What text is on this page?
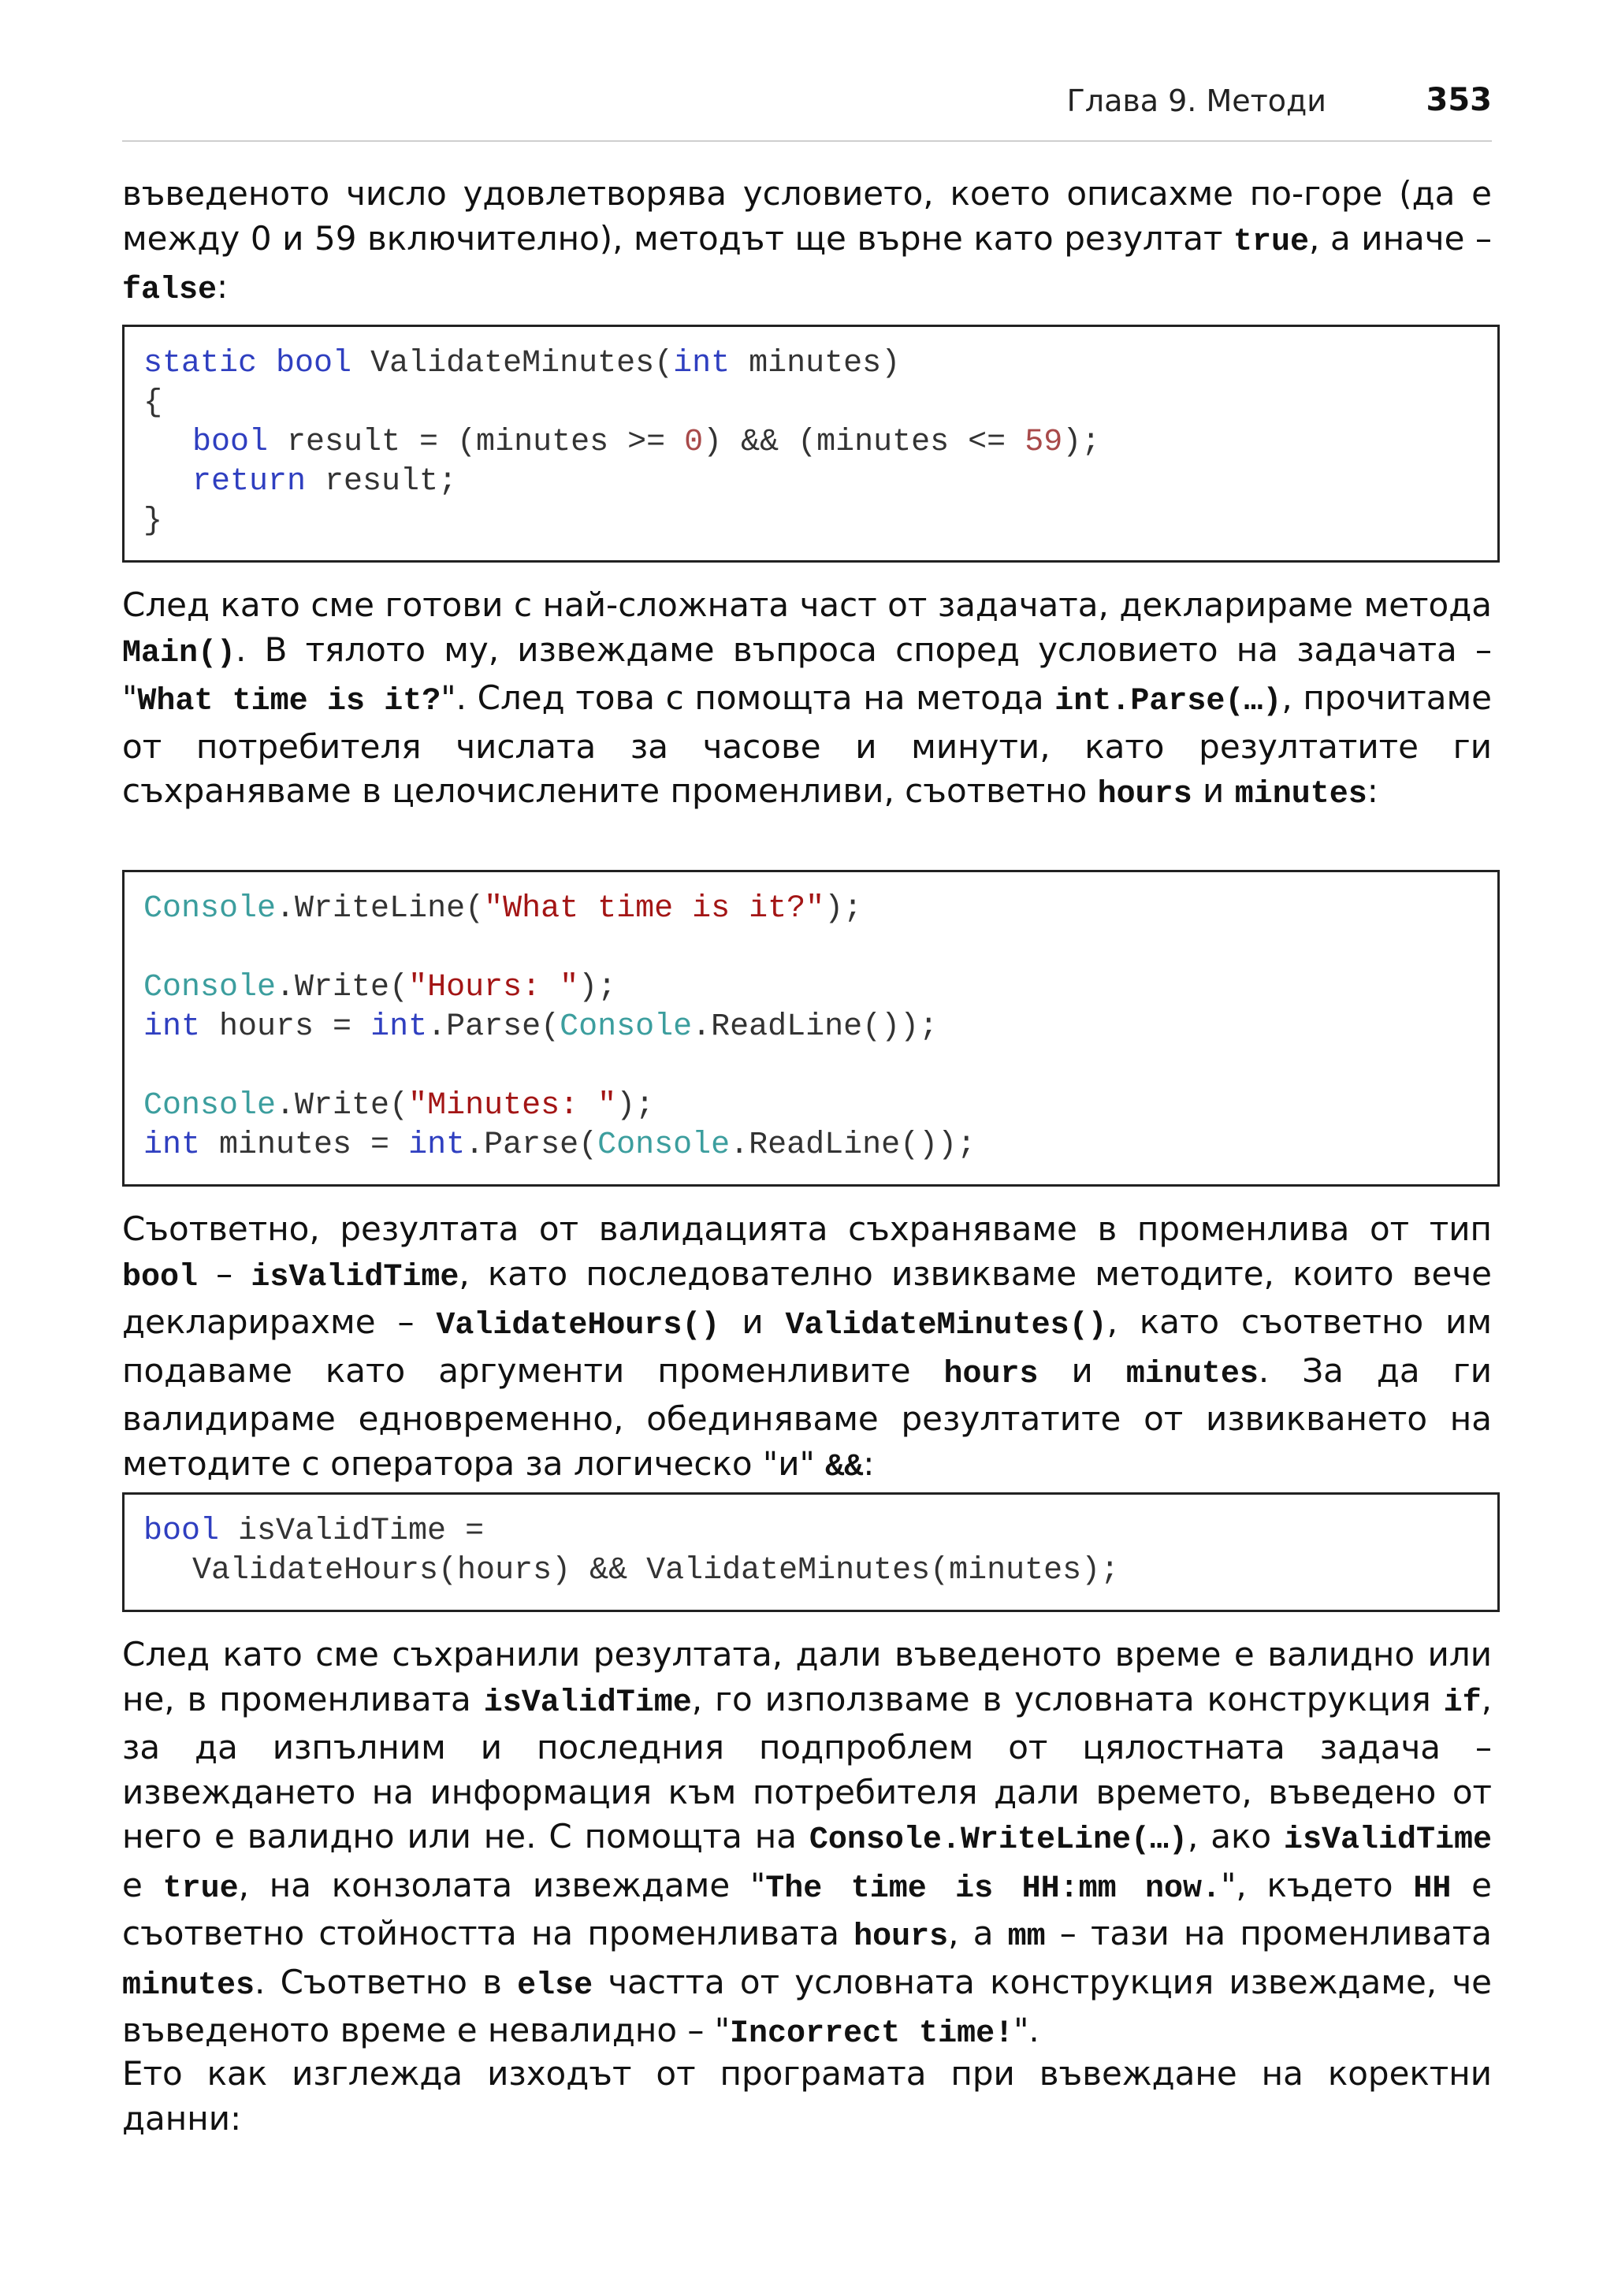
Глава 9. Методи	353

въведеното число удовлетворява условието, което описахме по-горе (да е между 0 и 59 включително), методът ще върне като резултат true, а иначе – false:

static bool ValidateMinutes(int minutes)
{
bool result = (minutes >= 0) && (minutes <= 59);
return result;
}

След като сме готови с най-сложната част от задачата, декларираме метода Main(). В тялото му, извеждаме въпроса според условието на задачата – "What time is it?". След това с помощта на метода int.Parse(…), прочитаме от потребителя числата за часове и минути, като резултатите ги съхраняваме в целочислените променливи, съответно hours и minutes:

Console.WriteLine("What time is it?");
Console.Write("Hours: ");
int hours = int.Parse(Console.ReadLine());
Console.Write("Minutes: ");
int minutes = int.Parse(Console.ReadLine());

Съответно, резултата от валидацията съхраняваме в променлива от тип bool – isValidTime, като последователно извикваме методите, които вече декларирахме – ValidateHours() и ValidateMinutes(), като съответно им подаваме като аргументи променливите hours и minutes. За да ги валидираме едновременно, обединяваме резултатите от извикването на методите с оператора за логическо "и" &&:

bool isValidTime =
ValidateHours(hours) && ValidateMinutes(minutes);

След като сме съхранили резултата, дали въведеното време е валидно или не, в променливата isValidTime, го използваме в условната конструкция if, за да изпълним и последния подпроблем от цялостната задача – извеждането на информация към потребителя дали времето, въведено от него е валидно или не. С помощта на Console.WriteLine(…), ако isValidTime е true, на конзолата извеждаме "The time is HH:mm now.", където HH е съответно стойността на променливата hours, а mm – тази на променливата minutes. Съответно в else частта от условната конструкция извеждаме, че въведеното време е невалидно – "Incorrect time!".

Ето как изглежда изходът от програмата при въвеждане на коректни данни:
